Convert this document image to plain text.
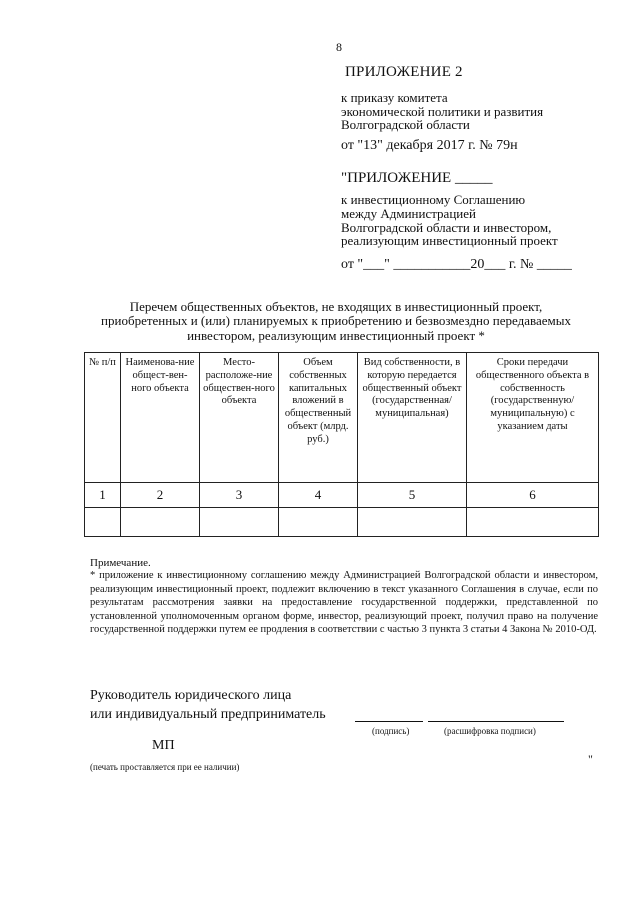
8
ПРИЛОЖЕНИЕ 2
к приказу комитета
экономической политики и развития
Волгоградской области
от "13" декабря 2017 г. № 79н
"ПРИЛОЖЕНИЕ _____
к инвестиционному Соглашению
между Администрацией
Волгоградской области и инвестором,
реализующим инвестиционный проект
от "___" ___________20___ г. № _____
Перечем общественных объектов, не входящих в инвестиционный проект, приобретенных и (или) планируемых к приобретению и безвозмездно передаваемых инвестором, реализующим инвестиционный проект *
№ п/п	Наименова-ние общест-вен-ного объекта	Место-расположе-ние обществен-ного объекта	Объем собственных капитальных вложений в общественный объект (млрд. руб.)	Вид собственности, в которую передается общественный объект (государственная/ муниципальная)	Сроки передачи общественного объекта в собственность (государственную/ муниципальную) с указанием даты
1	2	3	4	5	6

Примечание.
* приложение к инвестиционному соглашению между Администрацией Волгоградской области и инвестором, реализующим инвестиционный проект, подлежит включению в текст указанного Соглашения в случае, если по результатам рассмотрения заявки на предоставление государственной поддержки, представленной по установленной уполномоченным органом форме, инвестор, реализующий проект, получил право на получение государственной поддержки путем ее продления в соответствии с частью 3 пункта 3 статьи 4 Закона № 2010-ОД.
Руководитель юридического лица
или индивидуальный предприниматель
(подпись)	(расшифровка подписи)
МП
"
(печать проставляется при ее наличии)
